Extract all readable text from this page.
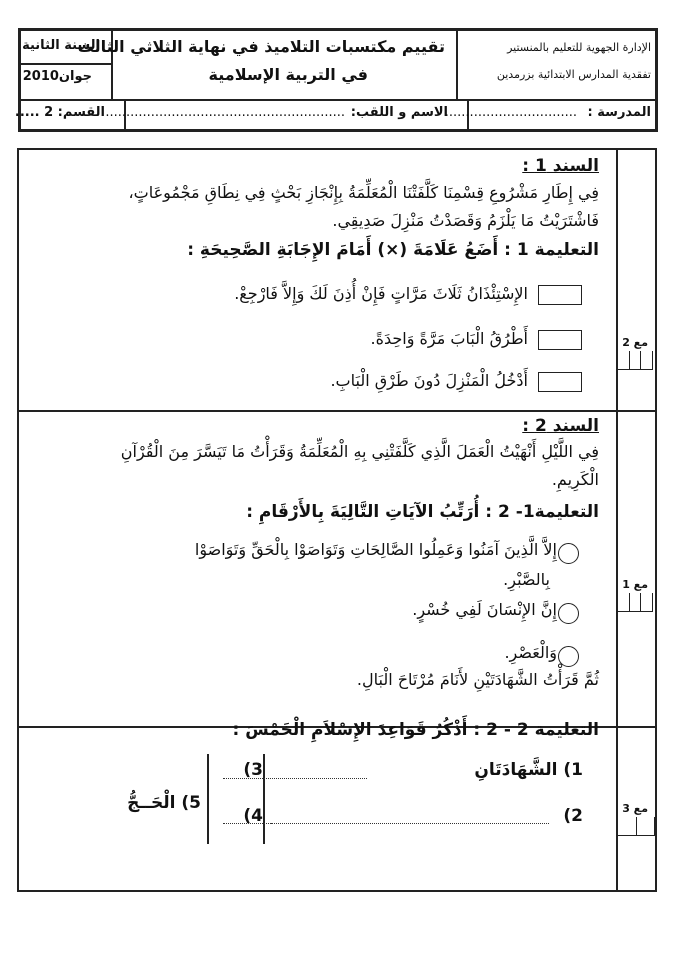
الإدارة الجهوية للتعليم بالمنستير
تفقدية المدارس الابتدائية بزرمدين
تقييم مكتسبات التلاميذ في نهاية الثلاثي الثالث
في التربية الإسلامية
السنة الثانية
جوان2010
المدرسة :
................................
الاسم و اللقب:
..........................................................
القسم: 2 .....
السند 1 :
فِي إِطَارِ مَشْرُوعِ قِسْمِنَا كَلَّفَتْنَا الْمُعَلِّمَةُ بِإِنْجَازِ بَحْثٍ فِي نِطَاقِ مَجْمُوعَاتٍ،
فَاشْتَرَيْتُ مَا يَلْزَمُ وَقَصَدْتُ مَنْزِلَ صَدِيقِي.
التعليمة 1 : أَضَعُ عَلَامَةَ (×) أَمَامَ الإِجَابَةِ الصَّحِيحَةِ :
الإِسْتِئْذَانُ ثَلَاثَ مَرَّاتٍ فَإِنْ أُذِنَ لَكَ وَإِلاَّ فَارْجِعْ.
أَطْرُقُ الْبَابَ مَرَّةً وَاحِدَةً.
أَدْخُلُ الْمَنْزِلَ دُونَ طَرْقِ الْبَابِ.
مع 2
السند 2 :
فِي اللَّيْلِ أَنْهَيْتُ الْعَمَلَ الَّذِي كَلَّفَتْنِي بِهِ الْمُعَلِّمَةُ وَقَرَأْتُ مَا تَيَسَّرَ مِنَ الْقُرْآنِ
الْكَرِيمِ.
التعليمة1- 2 : أُرَتِّبُ الآيَاتِ التَّالِيَةَ بِالأَرْقَامِ :
إِلاَّ الَّذِينَ آمَنُوا وَعَمِلُوا الصَّالِحَاتِ وَتَوَاصَوْا بِالْحَقِّ وَتَوَاصَوْا
بِالصَّبْرِ.
إِنَّ الإِنْسَانَ لَفِي خُسْرٍ.
وَالْعَصْرِ.
ثُمَّ قَرَأْتُ الشَّهَادَتَيْنِ لأَنَامَ مُرْتَاحَ الْبَالِ.
مع 1
التعليمة 2 - 2 : أَذْكُرُ قَوَاعِدَ الإِسْلاَمِ الْخَمْسَ :
1) الشَّهَادَتَانِ
2)
3)
4)
5) الْحَــجُّ	مع 3
